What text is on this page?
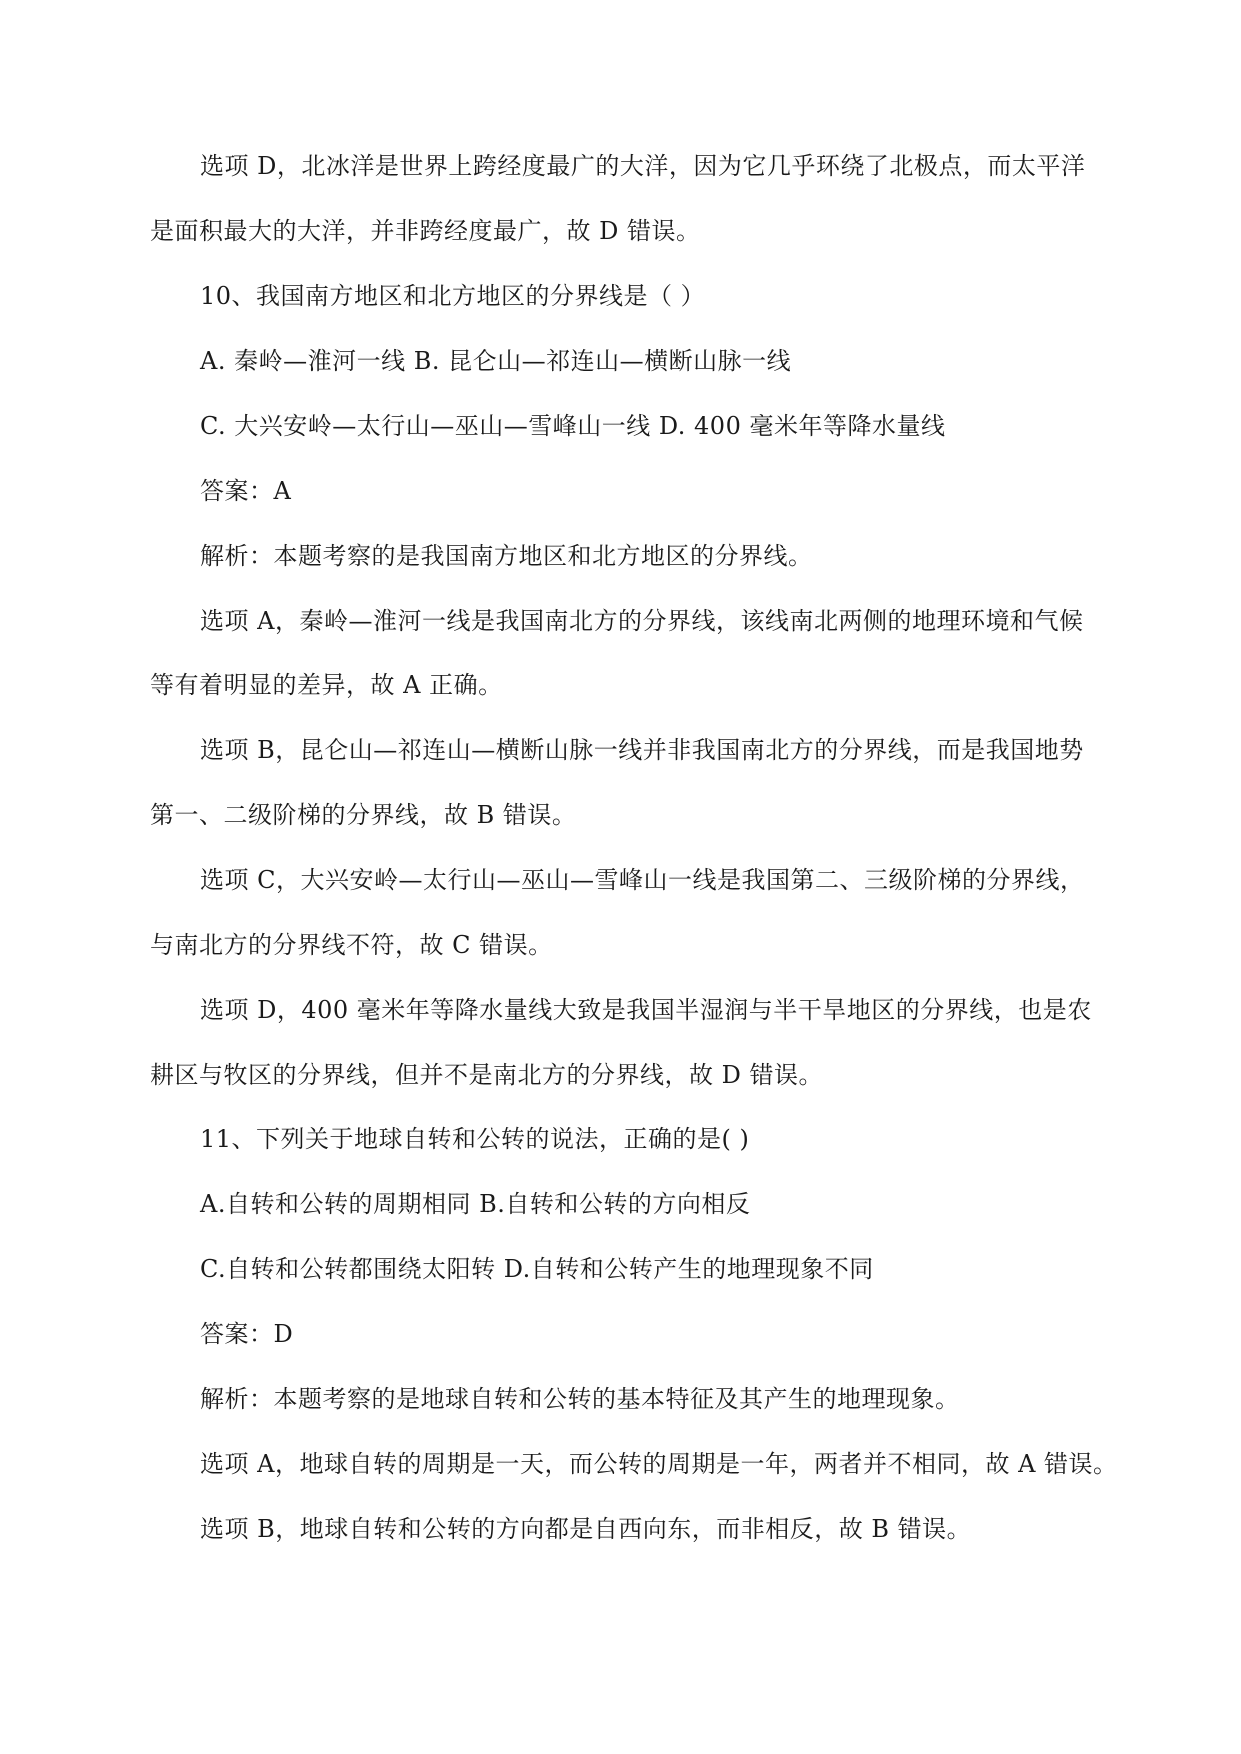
选项 D，北冰洋是世界上跨经度最广的大洋，因为它几乎环绕了北极点，而太平洋
是面积最大的大洋，并非跨经度最广，故 D 错误。
10、我国南方地区和北方地区的分界线是（ ）
A. 秦岭—淮河一线 B. 昆仑山—祁连山—横断山脉一线
C. 大兴安岭—太行山—巫山—雪峰山一线 D. 400 毫米年等降水量线
答案：A
解析：本题考察的是我国南方地区和北方地区的分界线。
选项 A，秦岭—淮河一线是我国南北方的分界线，该线南北两侧的地理环境和气候
等有着明显的差异，故 A 正确。
选项 B，昆仑山—祁连山—横断山脉一线并非我国南北方的分界线，而是我国地势
第一、二级阶梯的分界线，故 B 错误。
选项 C，大兴安岭—太行山—巫山—雪峰山一线是我国第二、三级阶梯的分界线，
与南北方的分界线不符，故 C 错误。
选项 D，400 毫米年等降水量线大致是我国半湿润与半干旱地区的分界线，也是农
耕区与牧区的分界线，但并不是南北方的分界线，故 D 错误。
11、下列关于地球自转和公转的说法，正确的是( )
A.自转和公转的周期相同 B.自转和公转的方向相反
C.自转和公转都围绕太阳转 D.自转和公转产生的地理现象不同
答案：D
解析：本题考察的是地球自转和公转的基本特征及其产生的地理现象。
选项 A，地球自转的周期是一天，而公转的周期是一年，两者并不相同，故 A 错误。
选项 B，地球自转和公转的方向都是自西向东，而非相反，故 B 错误。
